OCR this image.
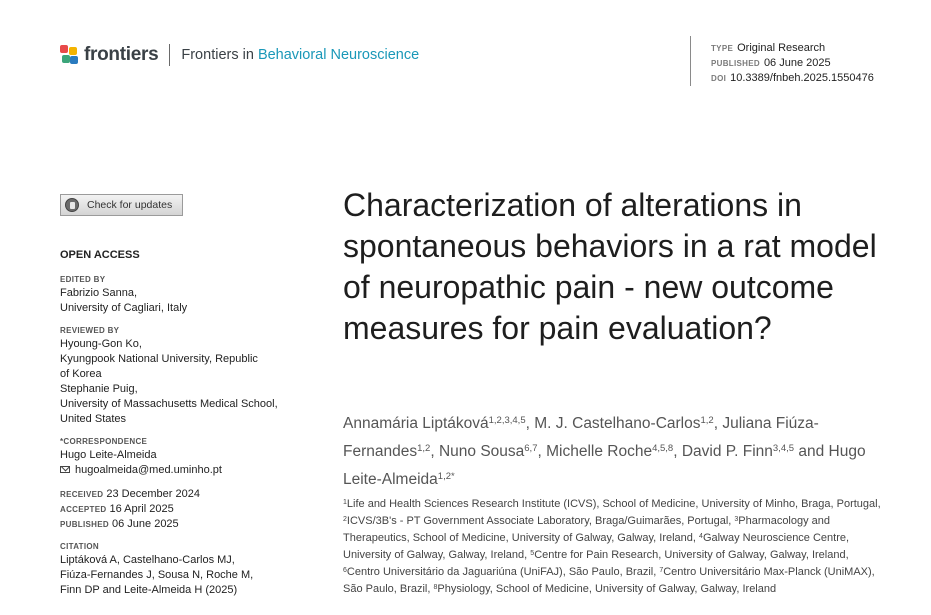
frontiers Frontiers in Behavioral Neuroscience	TYPE Original Research
PUBLISHED 06 June 2025
DOI 10.3389/fnbeh.2025.1550476
Check for updates
OPEN ACCESS
EDITED BY
Fabrizio Sanna,
University of Cagliari, Italy
REVIEWED BY
Hyoung-Gon Ko,
Kyungpook National University, Republic
of Korea
Stephanie Puig,
University of Massachusetts Medical School,
United States
*CORRESPONDENCE
Hugo Leite-Almeida
hugoalmeida@med.uminho.pt
RECEIVED 23 December 2024
ACCEPTED 16 April 2025
PUBLISHED 06 June 2025
CITATION
Liptáková A, Castelhano-Carlos MJ,
Fiúza-Fernandes J, Sousa N, Roche M,
Finn DP and Leite-Almeida H (2025)
Characterization of alterations in spontaneous behaviors in a rat model of neuropathic pain - new outcome measures for pain evaluation?
Annamária Liptáková$^{1,2,3,4,5}$, M. J. Castelhano-Carlos$^{1,2}$, Juliana Fiúza-Fernandes$^{1,2}$, Nuno Sousa$^{6,7}$, Michelle Roche$^{4,5,8}$, David P. Finn$^{3,4,5}$ and Hugo Leite-Almeida$^{1,2*}$
$^1$Life and Health Sciences Research Institute (ICVS), School of Medicine, University of Minho, Braga, Portugal, $^2$ICVS/3B's - PT Government Associate Laboratory, Braga/Guimarães, Portugal, $^3$Pharmacology and Therapeutics, School of Medicine, University of Galway, Galway, Ireland, $^4$Galway Neuroscience Centre, University of Galway, Galway, Ireland, $^5$Centre for Pain Research, University of Galway, Galway, Ireland, $^6$Centro Universitário da Jaguariúna (UniFAJ), São Paulo, Brazil, $^7$Centro Universitário Max-Planck (UniMAX), São Paulo, Brazil, $^8$Physiology, School of Medicine, University of Galway, Galway, Ireland
